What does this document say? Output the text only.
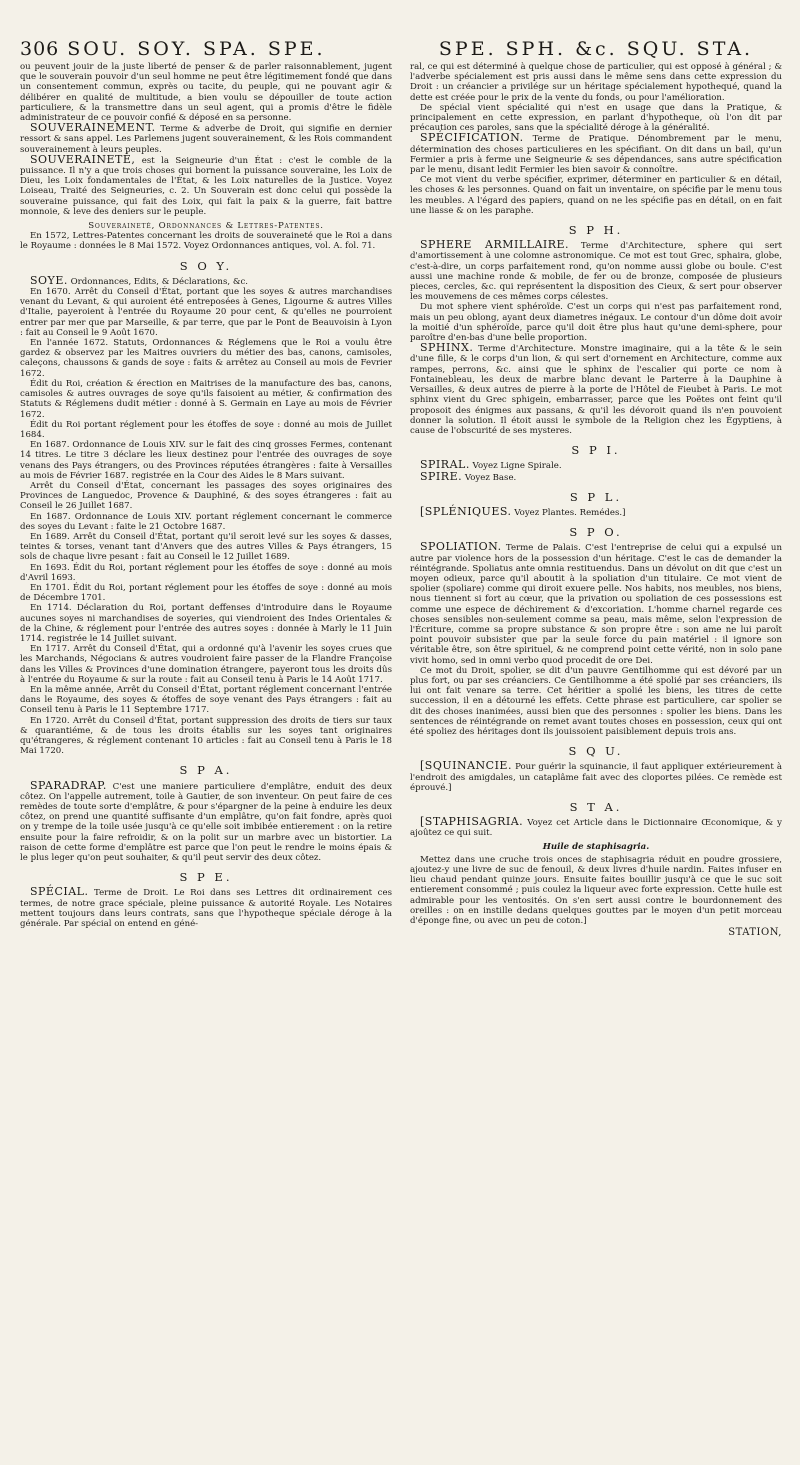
306 SOU. SOY. SPA. SPE.	SPE. SPH. &c. SQU. STA.

ou peuvent jouir de la juste liberté de penser & de parler raisonnablement, jugent que le souverain pouvoir d'un seul homme ne peut être légitimement fondé que dans un consentement commun, exprès ou tacite, du peuple, qui ne pouvant agir & délibérer en qualité de multitude, a bien voulu se dépouiller de toute action particuliere, & la transmettre dans un seul agent, qui a promis d'être le fidèle administrateur de ce pouvoir confié & déposé en sa personne.

SOUVERAINEMENT. Terme & adverbe de Droit, qui signifie en dernier ressort & sans appel. Les Parlemens jugent souverainement, & les Rois commandent souverainement à leurs peuples.

SOUVERAINETÉ, est la Seigneurie d'un État : c'est le comble de la puissance. Il n'y a que trois choses qui bornent la puissance souveraine, les Loix de Dieu, les Loix fondamentales de l'État, & les Loix naturelles de la Justice. Voyez Loiseau, Traité des Seigneuries, c. 2. Un Souverain est donc celui qui possède la souveraine puissance, qui fait des Loix, qui fait la paix & la guerre, fait battre monnoie, & leve des deniers sur le peuple.

Souveraineté, Ordonnances & Lettres-Patentes.

En 1572, Lettres-Patentes concernant les droits de souveraineté que le Roi a dans le Royaume : données le 8 Mai 1572. Voyez Ordonnances antiques, vol. A. fol. 71.

S O Y.

SOYE. Ordonnances, Edits, & Déclarations, &c.

En 1670. Arrêt du Conseil d'État, portant que les soyes & autres marchandises venant du Levant, & qui auroient été entreposées à Genes, Ligourne & autres Villes d'Italie, payeroient à l'entrée du Royaume 20 pour cent, & qu'elles ne pourroient entrer par mer que par Marseille, & par terre, que par le Pont de Beauvoisin à Lyon : fait au Conseil le 9 Août 1670.

En l'année 1672. Statuts, Ordonnances & Réglemens que le Roi a voulu être gardez & observez par les Maitres ouvriers du métier des bas, canons, camisoles, caleçons, chaussons & gands de soye : faits & arrêtez au Conseil au mois de Fevrier 1672.

Édit du Roi, création & érection en Maitrises de la manufacture des bas, canons, camisoles & autres ouvrages de soye qu'ils faisoient au métier, & confirmation des Statuts & Réglemens dudit métier : donné à S. Germain en Laye au mois de Février 1672.

Édit du Roi portant réglement pour les étoffes de soye : donné au mois de Juillet 1684.

En 1687. Ordonnance de Louis XIV. sur le fait des cinq grosses Fermes, contenant 14 titres. Le titre 3 déclare les lieux destinez pour l'entrée des ouvrages de soye venans des Pays étrangers, ou des Provinces réputées étrangères : faite à Versailles au mois de Février 1687. registrée en la Cour des Aides le 8 Mars suivant.

Arrêt du Conseil d'État, concernant les passages des soyes originaires des Provinces de Languedoc, Provence & Dauphiné, & des soyes étrangeres : fait au Conseil le 26 Juillet 1687.

En 1687. Ordonnance de Louis XIV. portant réglement concernant le commerce des soyes du Levant : faite le 21 Octobre 1687.

En 1689. Arrêt du Conseil d'État, portant qu'il seroit levé sur les soyes & dasses, teintes & torses, venant tant d'Anvers que des autres Villes & Pays étrangers, 15 sols de chaque livre pesant : fait au Conseil le 12 Juillet 1689.

En 1693. Édit du Roi, portant réglement pour les étoffes de soye : donné au mois d'Avril 1693.

En 1701. Édit du Roi, portant réglement pour les étoffes de soye : donné au mois de Décembre 1701.

En 1714. Déclaration du Roi, portant deffenses d'introduire dans le Royaume aucunes soyes ni marchandises de soyeries, qui viendroient des Indes Orientales & de la Chine, & réglement pour l'entrée des autres soyes : donnée à Marly le 11 Juin 1714. registrée le 14 Juillet suivant.

En 1717. Arrêt du Conseil d'État, qui a ordonné qu'à l'avenir les soyes crues que les Marchands, Négocians & autres voudroient faire passer de la Flandre Françoise dans les Villes & Provinces d'une domination étrangere, payeront tous les droits dûs à l'entrée du Royaume & sur la route : fait au Conseil tenu à Paris le 14 Août 1717.

En la même année, Arrêt du Conseil d'État, portant réglement concernant l'entrée dans le Royaume, des soyes & étoffes de soye venant des Pays étrangers : fait au Conseil tenu à Paris le 11 Septembre 1717.

En 1720. Arrêt du Conseil d'État, portant suppression des droits de tiers sur taux & quarantiéme, & de tous les droits établis sur les soyes tant originaires qu'étrangeres, & réglement contenant 10 articles : fait au Conseil tenu à Paris le 18 Mai 1720.

S P A.

SPARADRAP. C'est une maniere particuliere d'emplâtre, enduit des deux côtez. On l'appelle autrement, toile à Gautier, de son inventeur. On peut faire de ces remèdes de toute sorte d'emplâtre, & pour s'épargner de la peine à enduire les deux côtez, on prend une quantité suffisante d'un emplâtre, qu'on fait fondre, après quoi on y trempe de la toile usée jusqu'à ce qu'elle soit imbibée entierement : on la retire ensuite pour la faire refroidir, & on la polit sur un marbre avec un bistortier. La raison de cette forme d'emplâtre est parce que l'on peut le rendre le moins épais & le plus leger qu'on peut souhaiter, & qu'il peut servir des deux côtez.

S P E.

SPÉCIAL. Terme de Droit. Le Roi dans ses Lettres dit ordinairement ces termes, de notre grace spéciale, pleine puissance & autorité Royale. Les Notaires mettent toujours dans leurs contrats, sans que l'hypotheque spéciale déroge à la générale. Par spécial on entend en géné-

ral, ce qui est déterminé à quelque chose de particulier, qui est opposé à général ; & l'adverbe spécialement est pris aussi dans le même sens dans cette expression du Droit : un créancier a privilége sur un héritage spécialement hypothequé, quand la dette est créée pour le prix de la vente du fonds, ou pour l'amélioration.

De spécial vient spécialité qui n'est en usage que dans la Pratique, & principalement en cette expression, en parlant d'hypotheque, où l'on dit par précaution ces paroles, sans que la spécialité déroge à la généralité.

SPÉCIFICATION. Terme de Pratique. Dénombrement par le menu, détermination des choses particulieres en les spécifiant. On dit dans un bail, qu'un Fermier a pris à ferme une Seigneurie & ses dépendances, sans autre spécification par le menu, disant ledit Fermier les bien savoir & connoître.

Ce mot vient du verbe spécifier, exprimer, déterminer en particulier & en détail, les choses & les personnes. Quand on fait un inventaire, on spécifie par le menu tous les meubles. A l'égard des papiers, quand on ne les spécifie pas en détail, on en fait une liasse & on les paraphe.

S P H.

SPHERE ARMILLAIRE. Terme d'Architecture, sphere qui sert d'amortissement à une colomne astronomique. Ce mot est tout Grec, sphaira, globe, c'est-à-dire, un corps parfaitement rond, qu'on nomme aussi globe ou boule. C'est aussi une machine ronde & mobile, de fer ou de bronze, composée de plusieurs pieces, cercles, &c. qui représentent la disposition des Cieux, & sert pour observer les mouvemens de ces mêmes corps célestes.

Du mot sphere vient sphéroïde. C'est un corps qui n'est pas parfaitement rond, mais un peu oblong, ayant deux diametres inégaux. Le contour d'un dôme doit avoir la moitié d'un sphéroïde, parce qu'il doit être plus haut qu'une demi-sphere, pour paroître d'en-bas d'une belle proportion.

SPHINX. Terme d'Architecture. Monstre imaginaire, qui a la tête & le sein d'une fille, & le corps d'un lion, & qui sert d'ornement en Architecture, comme aux rampes, perrons, &c. ainsi que le sphinx de l'escalier qui porte ce nom à Fontainebleau, les deux de marbre blanc devant le Parterre à la Dauphine à Versailles, & deux autres de pierre à la porte de l'Hôtel de Fieubet à Paris. Le mot sphinx vient du Grec sphigein, embarrasser, parce que les Poëtes ont feint qu'il proposoit des énigmes aux passans, & qu'il les dévoroit quand ils n'en pouvoient donner la solution. Il étoit aussi le symbole de la Religion chez les Égyptiens, à cause de l'obscurité de ses mysteres.

S P I.

SPIRAL. Voyez Ligne Spirale.

SPIRE. Voyez Base.

S P L.

[SPLÉNIQUES. Voyez Plantes. Remédes.]

S P O.

SPOLIATION. Terme de Palais. C'est l'entreprise de celui qui a expulsé un autre par violence hors de la possession d'un héritage. C'est le cas de demander la réintégrande. Spoliatus ante omnia restituendus. Dans un dévolut on dit que c'est un moyen odieux, parce qu'il aboutit à la spoliation d'un titulaire. Ce mot vient de spolier (spoliare) comme qui diroit exuere pelle. Nos habits, nos meubles, nos biens, nous tiennent si fort au cœur, que la privation ou spoliation de ces possessions est comme une espece de déchirement & d'excoriation. L'homme charnel regarde ces choses sensibles non-seulement comme sa peau, mais même, selon l'expression de l'Écriture, comme sa propre substance & son propre être : son ame ne lui paroît point pouvoir subsister que par la seule force du pain matériel : il ignore son véritable être, son être spirituel, & ne comprend point cette vérité, non in solo pane vivit homo, sed in omni verbo quod procedit de ore Dei.

Ce mot du Droit, spolier, se dit d'un pauvre Gentilhomme qui est dévoré par un plus fort, ou par ses créanciers. Ce Gentilhomme a été spolié par ses créanciers, ils lui ont fait venare sa terre. Cet héritier a spolié les biens, les titres de cette succession, il en a détourné les effets. Cette phrase est particuliere, car spolier se dit des choses inanimées, aussi bien que des personnes : spolier les biens. Dans les sentences de réintégrande on remet avant toutes choses en possession, ceux qui ont été spoliez des héritages dont ils jouissoient paisiblement depuis trois ans.

S Q U.

[SQUINANCIE. Pour guérir la squinancie, il faut appliquer extérieurement à l'endroit des amigdales, un cataplâme fait avec des cloportes pilées. Ce remède est éprouvé.]

S T A.

[STAPHISAGRIA. Voyez cet Article dans le Dictionnaire Œconomique, & y ajoûtez ce qui suit.

Huile de staphisagria.

Mettez dans une cruche trois onces de staphisagria réduit en poudre grossiere, ajoutez-y une livre de suc de fenouil, & deux livres d'huile nardin. Faites infuser en lieu chaud pendant quinze jours. Ensuite faites bouillir jusqu'à ce que le suc soit entierement consommé ; puis coulez la liqueur avec forte expression. Cette huile est admirable pour les ventosités. On s'en sert aussi contre le bourdonnement des oreilles : on en instille dedans quelques gouttes par le moyen d'un petit morceau d'éponge fine, ou avec un peu de coton.]

STATION,
